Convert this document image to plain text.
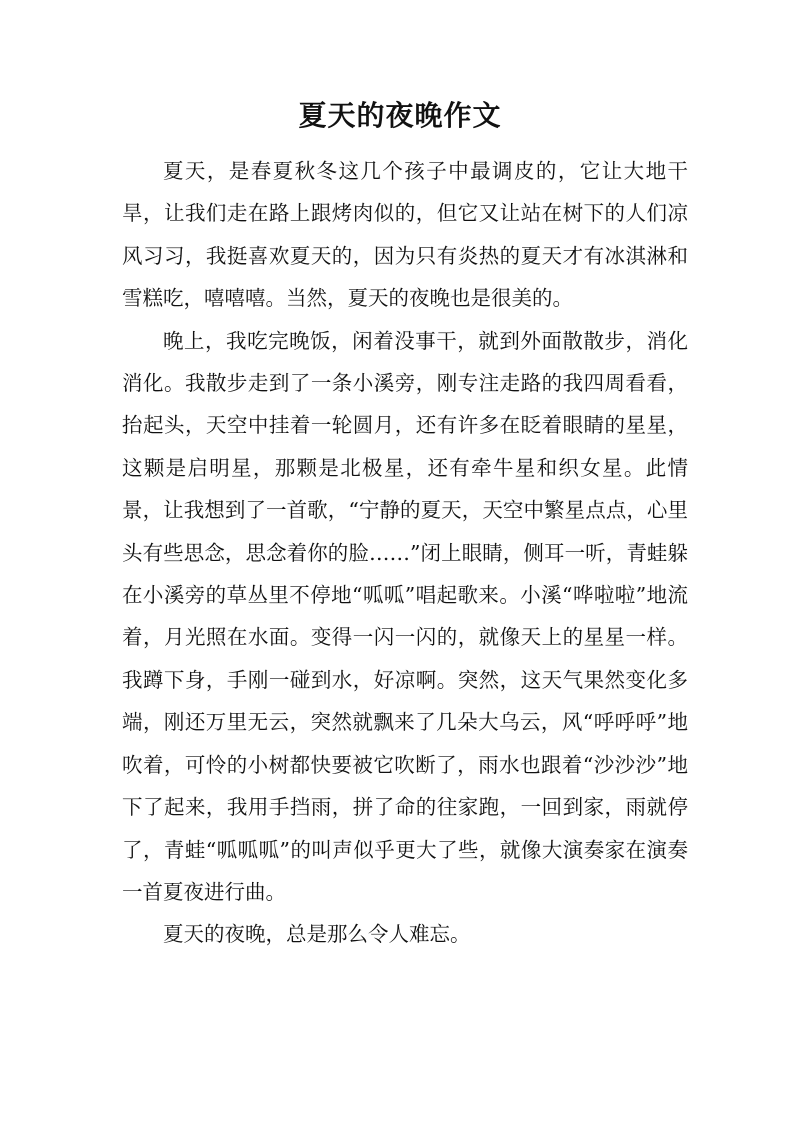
夏天的夜晚作文

夏天，是春夏秋冬这几个孩子中最调皮的，它让大地干旱，让我们走在路上跟烤肉似的，但它又让站在树下的人们凉风习习，我挺喜欢夏天的，因为只有炎热的夏天才有冰淇淋和雪糕吃，嘻嘻嘻。当然，夏天的夜晚也是很美的。

晚上，我吃完晚饭，闲着没事干，就到外面散散步，消化消化。我散步走到了一条小溪旁，刚专注走路的我四周看看，抬起头，天空中挂着一轮圆月，还有许多在眨着眼睛的星星，这颗是启明星，那颗是北极星，还有牵牛星和织女星。此情景，让我想到了一首歌，“宁静的夏天，天空中繁星点点，心里头有些思念，思念着你的脸……”闭上眼睛，侧耳一听，青蛙躲在小溪旁的草丛里不停地“呱呱”唱起歌来。小溪“哗啦啦”地流着，月光照在水面。变得一闪一闪的，就像天上的星星一样。我蹲下身，手刚一碰到水，好凉啊。突然，这天气果然变化多端，刚还万里无云，突然就飘来了几朵大乌云，风“呼呼呼”地吹着，可怜的小树都快要被它吹断了，雨水也跟着“沙沙沙”地下了起来，我用手挡雨，拼了命的往家跑，一回到家，雨就停了，青蛙“呱呱呱”的叫声似乎更大了些，就像大演奏家在演奏一首夏夜进行曲。

夏天的夜晚，总是那么令人难忘。
